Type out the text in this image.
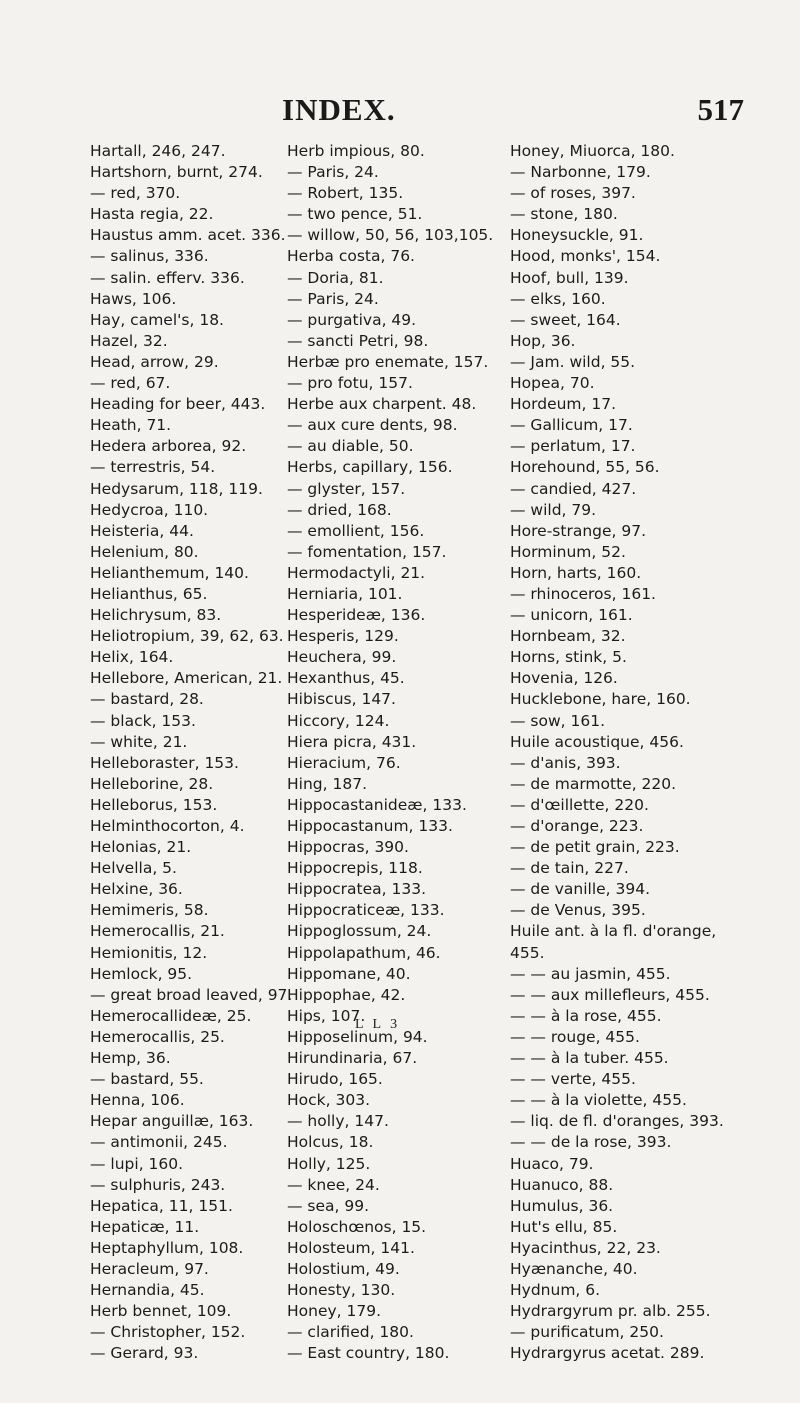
INDEX.	517
Hartall, 246, 247.
Hartshorn, burnt, 274.
— red, 370.
Hasta regia, 22.
Haustus amm. acet. 336.
— salinus, 336.
— salin. efferv. 336.
Haws, 106.
Hay, camel's, 18.
Hazel, 32.
Head, arrow, 29.
— red, 67.
Heading for beer, 443.
Heath, 71.
Hedera arborea, 92.
— terrestris, 54.
Hedysarum, 118, 119.
Hedycroa, 110.
Heisteria, 44.
Helenium, 80.
Helianthemum, 140.
Helianthus, 65.
Helichrysum, 83.
Heliotropium, 39, 62, 63.
Helix, 164.
Hellebore, American, 21.
— bastard, 28.
— black, 153.
— white, 21.
Helleboraster, 153.
Helleborine, 28.
Helleborus, 153.
Helminthocorton, 4.
Helonias, 21.
Helvella, 5.
Helxine, 36.
Hemimeris, 58.
Hemerocallis, 21.
Hemionitis, 12.
Hemlock, 95.
— great broad leaved, 97.
Hemerocallideæ, 25.
Hemerocallis, 25.
Hemp, 36.
— bastard, 55.
Henna, 106.
Hepar anguillæ, 163.
— antimonii, 245.
— lupi, 160.
— sulphuris, 243.
Hepatica, 11, 151.
Hepaticæ, 11.
Heptaphyllum, 108.
Heracleum, 97.
Hernandia, 45.
Herb bennet, 109.
— Christopher, 152.
— Gerard, 93.
Herb impious, 80.
— Paris, 24.
— Robert, 135.
— two pence, 51.
— willow, 50, 56, 103,105.
Herba costa, 76.
— Doria, 81.
— Paris, 24.
— purgativa, 49.
— sancti Petri, 98.
Herbæ pro enemate, 157.
— pro fotu, 157.
Herbe aux charpent. 48.
— aux cure dents, 98.
— au diable, 50.
Herbs, capillary, 156.
— glyster, 157.
— dried, 168.
— emollient, 156.
— fomentation, 157.
Hermodactyli, 21.
Herniaria, 101.
Hesperideæ, 136.
Hesperis, 129.
Heuchera, 99.
Hexanthus, 45.
Hibiscus, 147.
Hiccory, 124.
Hiera picra, 431.
Hieracium, 76.
Hing, 187.
Hippocastanideæ, 133.
Hippocastanum, 133.
Hippocras, 390.
Hippocrepis, 118.
Hippocratea, 133.
Hippocraticeæ, 133.
Hippoglossum, 24.
Hippolapathum, 46.
Hippomane, 40.
Hippophae, 42.
Hips, 107.
Hipposelinum, 94.
Hirundinaria, 67.
Hirudo, 165.
Hock, 303.
— holly, 147.
Holcus, 18.
Holly, 125.
— knee, 24.
— sea, 99.
Holoschœnos, 15.
Holosteum, 141.
Holostium, 49.
Honesty, 130.
Honey, 179.
— clarified, 180.
— East country, 180.
Honey, Miuorca, 180.
— Narbonne, 179.
— of roses, 397.
— stone, 180.
Honeysuckle, 91.
Hood, monks', 154.
Hoof, bull, 139.
— elks, 160.
— sweet, 164.
Hop, 36.
— Jam. wild, 55.
Hopea, 70.
Hordeum, 17.
— Gallicum, 17.
— perlatum, 17.
Horehound, 55, 56.
— candied, 427.
— wild, 79.
Hore-strange, 97.
Horminum, 52.
Horn, harts, 160.
— rhinoceros, 161.
— unicorn, 161.
Hornbeam, 32.
Horns, stink, 5.
Hovenia, 126.
Hucklebone, hare, 160.
— sow, 161.
Huile acoustique, 456.
— d'anis, 393.
— de marmotte, 220.
— d'œillette, 220.
— d'orange, 223.
— de petit grain, 223.
— de tain, 227.
— de vanille, 394.
— de Venus, 395.
Huile ant. à la fl. d'orange,
455.
— — au jasmin, 455.
— — aux millefleurs, 455.
— — à la rose, 455.
— — rouge, 455.
— — à la tuber. 455.
— — verte, 455.
— — à la violette, 455.
— liq. de fl. d'oranges, 393.
— — de la rose, 393.
Huaco, 79.
Huanuco, 88.
Humulus, 36.
Hut's ellu, 85.
Hyacinthus, 22, 23.
Hyænanche, 40.
Hydnum, 6.
Hydrargyrum pr. alb. 255.
— purificatum, 250.
Hydrargyrus acetat. 289.
L L 3
